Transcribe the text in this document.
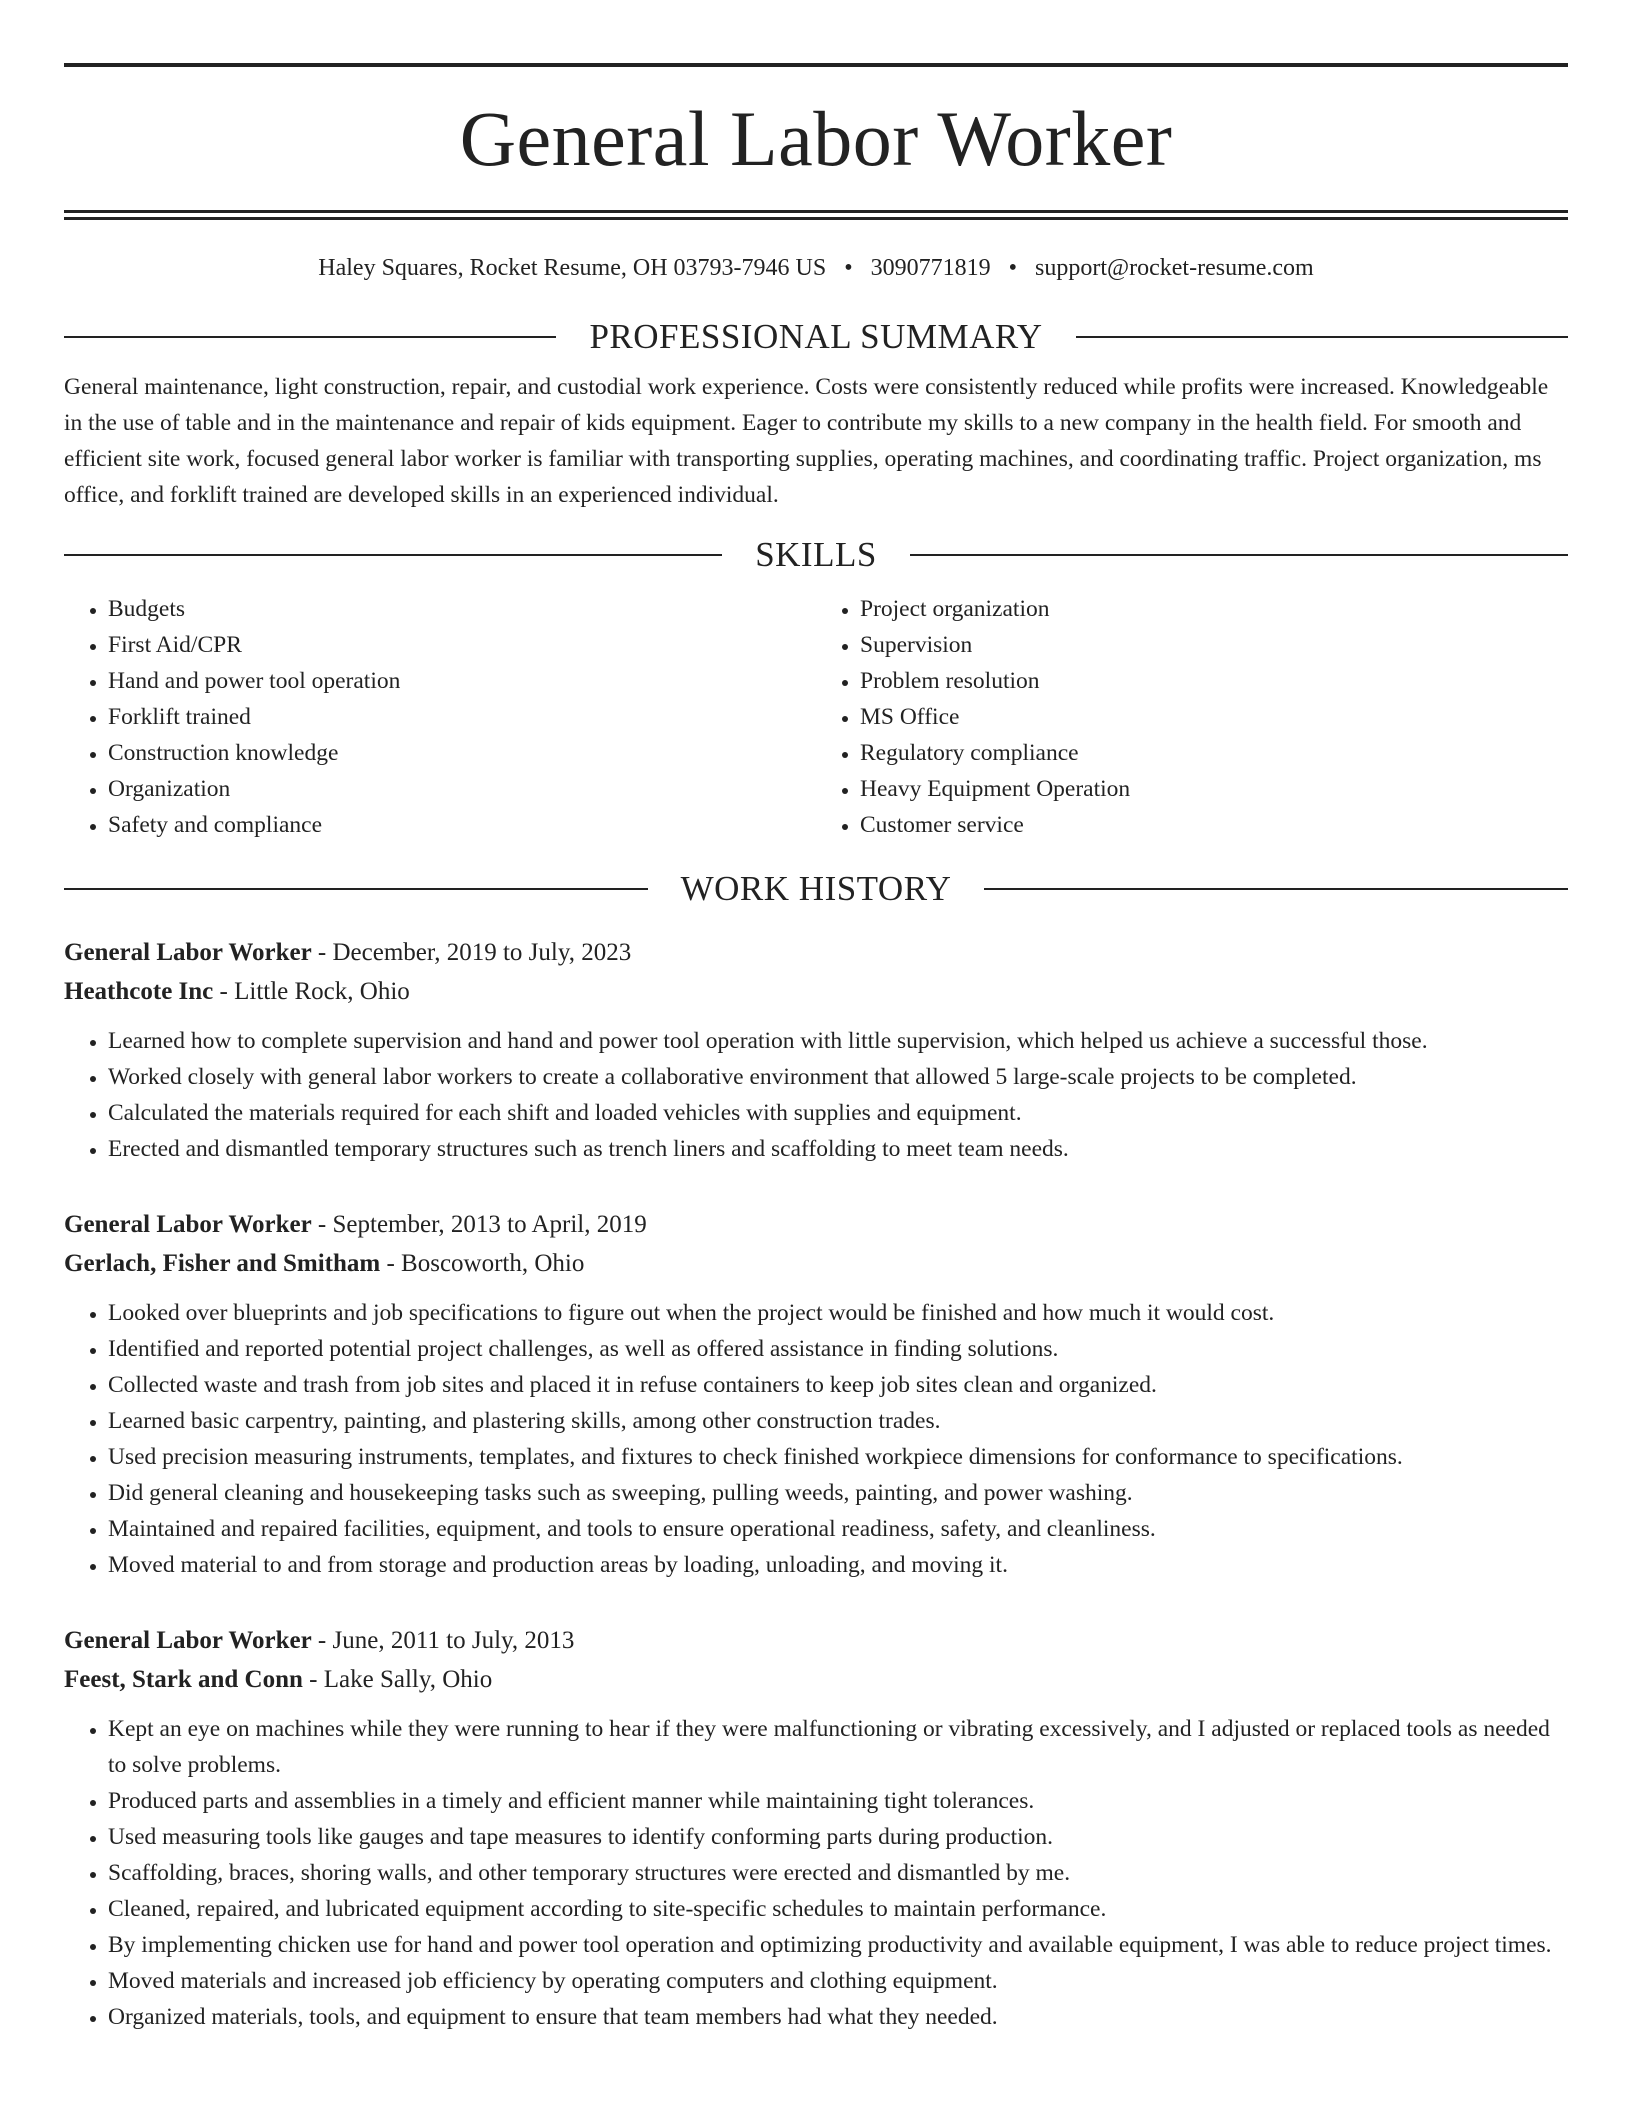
General Labor Worker
Haley Squares, Rocket Resume, OH 03793-7946 US • 3090771819 • support@rocket-resume.com
PROFESSIONAL SUMMARY
General maintenance, light construction, repair, and custodial work experience. Costs were consistently reduced while profits were increased. Knowledgeable in the use of table and in the maintenance and repair of kids equipment. Eager to contribute my skills to a new company in the health field. For smooth and efficient site work, focused general labor worker is familiar with transporting supplies, operating machines, and coordinating traffic. Project organization, ms office, and forklift trained are developed skills in an experienced individual.
SKILLS
• Budgets
• First Aid/CPR
• Hand and power tool operation
• Forklift trained
• Construction knowledge
• Organization
• Safety and compliance
• Project organization
• Supervision
• Problem resolution
• MS Office
• Regulatory compliance
• Heavy Equipment Operation
• Customer service
WORK HISTORY
General Labor Worker - December, 2019 to July, 2023
Heathcote Inc - Little Rock, Ohio
• Learned how to complete supervision and hand and power tool operation with little supervision, which helped us achieve a successful those.
• Worked closely with general labor workers to create a collaborative environment that allowed 5 large-scale projects to be completed.
• Calculated the materials required for each shift and loaded vehicles with supplies and equipment.
• Erected and dismantled temporary structures such as trench liners and scaffolding to meet team needs.
General Labor Worker - September, 2013 to April, 2019
Gerlach, Fisher and Smitham - Boscoworth, Ohio
• Looked over blueprints and job specifications to figure out when the project would be finished and how much it would cost.
• Identified and reported potential project challenges, as well as offered assistance in finding solutions.
• Collected waste and trash from job sites and placed it in refuse containers to keep job sites clean and organized.
• Learned basic carpentry, painting, and plastering skills, among other construction trades.
• Used precision measuring instruments, templates, and fixtures to check finished workpiece dimensions for conformance to specifications.
• Did general cleaning and housekeeping tasks such as sweeping, pulling weeds, painting, and power washing.
• Maintained and repaired facilities, equipment, and tools to ensure operational readiness, safety, and cleanliness.
• Moved material to and from storage and production areas by loading, unloading, and moving it.
General Labor Worker - June, 2011 to July, 2013
Feest, Stark and Conn - Lake Sally, Ohio
• Kept an eye on machines while they were running to hear if they were malfunctioning or vibrating excessively, and I adjusted or replaced tools as needed to solve problems.
• Produced parts and assemblies in a timely and efficient manner while maintaining tight tolerances.
• Used measuring tools like gauges and tape measures to identify conforming parts during production.
• Scaffolding, braces, shoring walls, and other temporary structures were erected and dismantled by me.
• Cleaned, repaired, and lubricated equipment according to site-specific schedules to maintain performance.
• By implementing chicken use for hand and power tool operation and optimizing productivity and available equipment, I was able to reduce project times.
• Moved materials and increased job efficiency by operating computers and clothing equipment.
• Organized materials, tools, and equipment to ensure that team members had what they needed.
